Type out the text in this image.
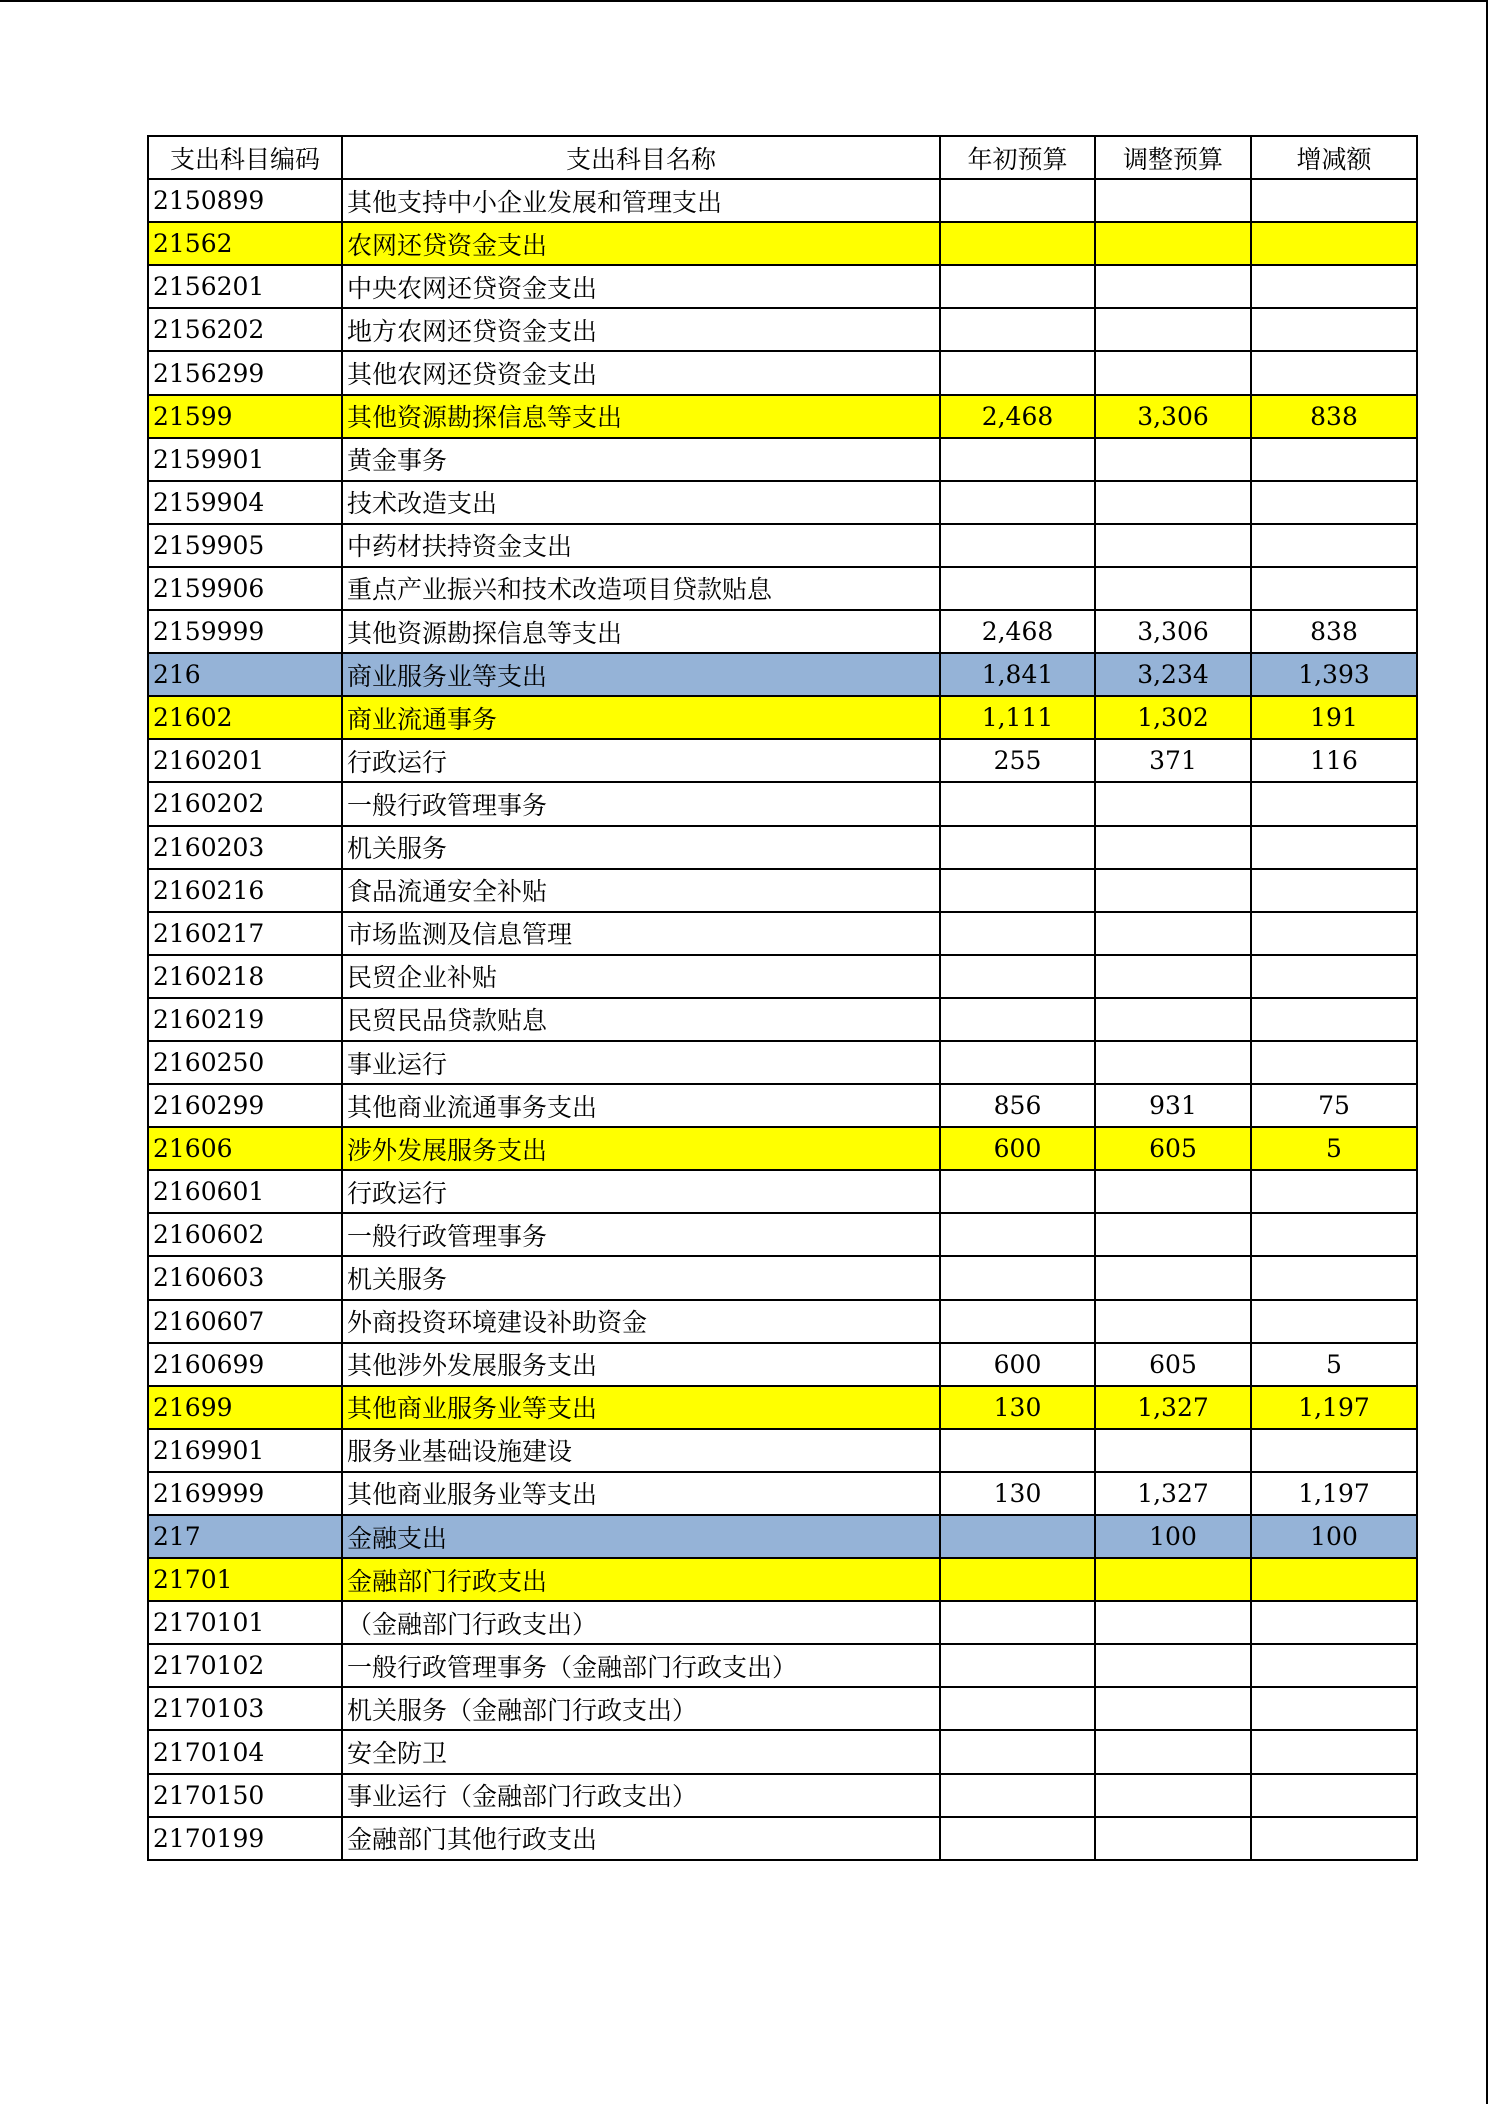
支出科目编码	支出科目名称	年初预算	调整预算	增减额
2150899	其他支持中小企业发展和管理支出			
21562	农网还贷资金支出			
2156201	中央农网还贷资金支出			
2156202	地方农网还贷资金支出			
2156299	其他农网还贷资金支出			
21599	其他资源勘探信息等支出	2,468	3,306	838
2159901	黄金事务			
2159904	技术改造支出			
2159905	中药材扶持资金支出			
2159906	重点产业振兴和技术改造项目贷款贴息			
2159999	其他资源勘探信息等支出	2,468	3,306	838
216	商业服务业等支出	1,841	3,234	1,393
21602	商业流通事务	1,111	1,302	191
2160201	行政运行	255	371	116
2160202	一般行政管理事务			
2160203	机关服务			
2160216	食品流通安全补贴			
2160217	市场监测及信息管理			
2160218	民贸企业补贴			
2160219	民贸民品贷款贴息			
2160250	事业运行			
2160299	其他商业流通事务支出	856	931	75
21606	涉外发展服务支出	600	605	5
2160601	行政运行			
2160602	一般行政管理事务			
2160603	机关服务			
2160607	外商投资环境建设补助资金			
2160699	其他涉外发展服务支出	600	605	5
21699	其他商业服务业等支出	130	1,327	1,197
2169901	服务业基础设施建设			
2169999	其他商业服务业等支出	130	1,327	1,197
217	金融支出		100	100
21701	金融部门行政支出			
2170101	（金融部门行政支出）			
2170102	一般行政管理事务（金融部门行政支出）			
2170103	机关服务（金融部门行政支出）			
2170104	安全防卫			
2170150	事业运行（金融部门行政支出）			
2170199	金融部门其他行政支出			
